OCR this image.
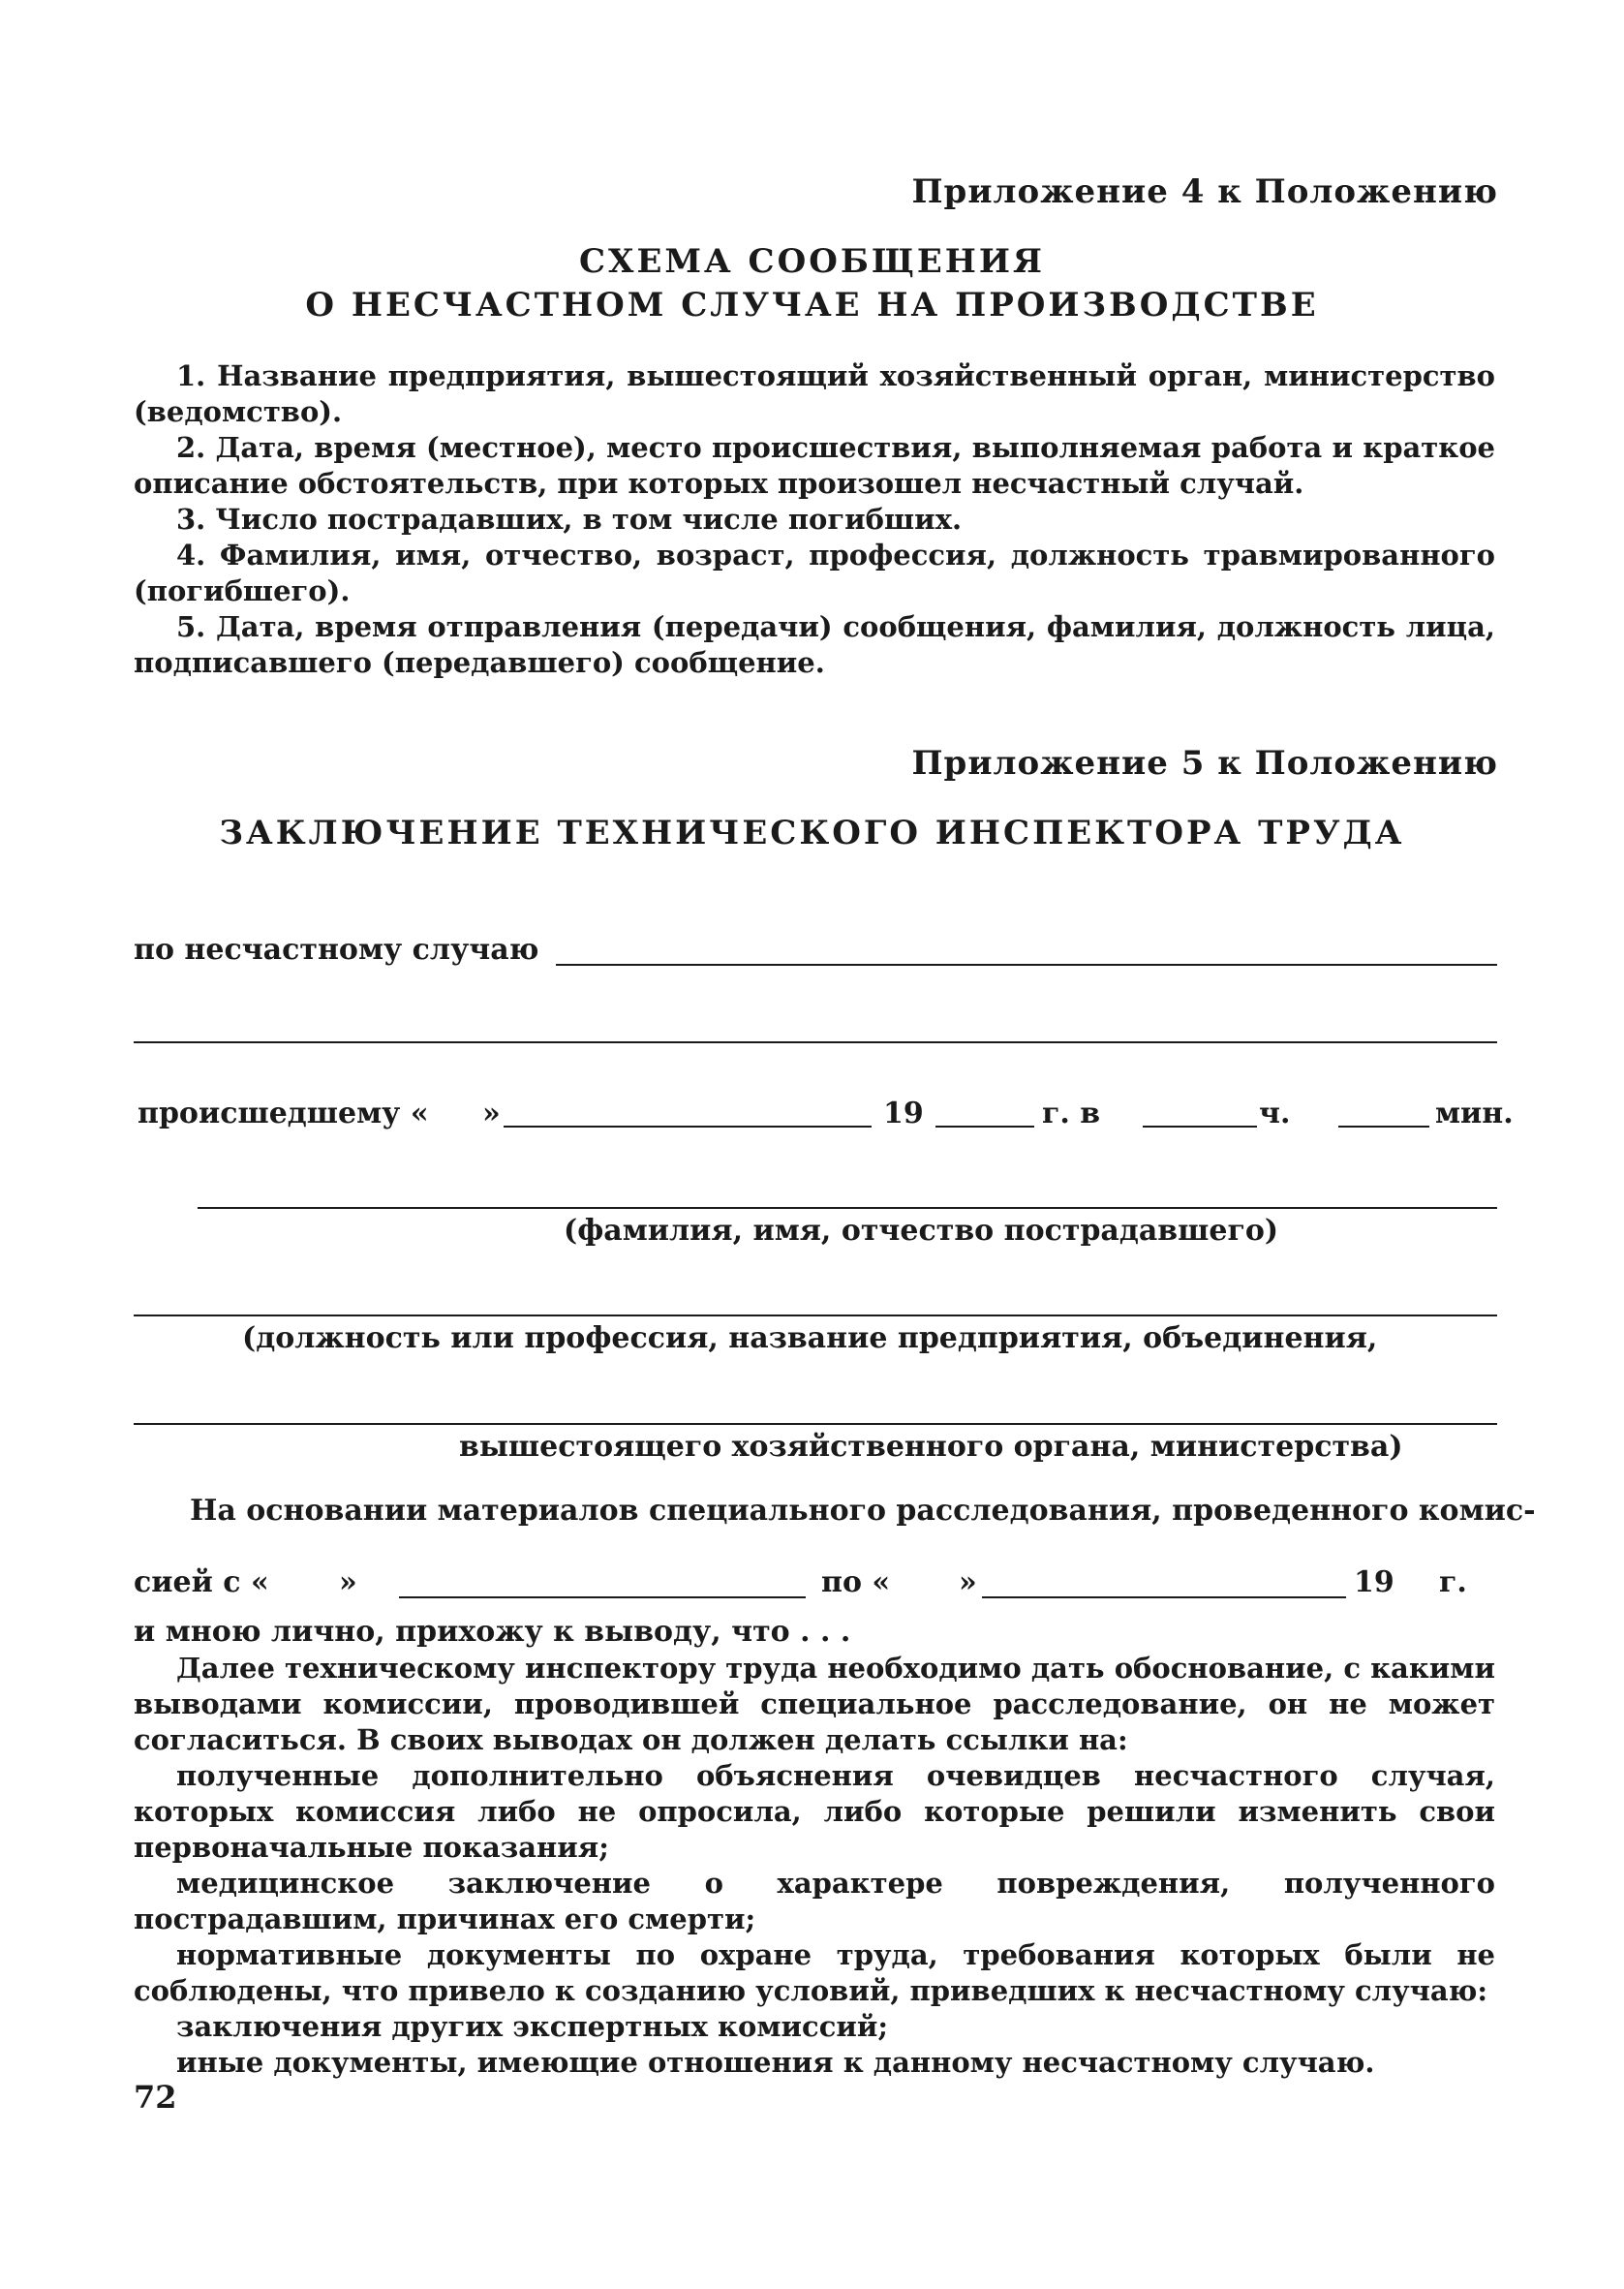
Приложение 4 к Положению
СХЕМА СООБЩЕНИЯ
О НЕСЧАСТНОМ СЛУЧАЕ НА ПРОИЗВОДСТВЕ
1. Название предприятия, вышестоящий хозяйственный орган, министерство (ведомство).
2. Дата, время (местное), место происшествия, выполняемая работа и краткое описание обстоятельств, при которых произошел несчастный случай.
3. Число пострадавших, в том числе погибших.
4. Фамилия, имя, отчество, возраст, профессия, должность травмированного (погибшего).
5. Дата, время отправления (передачи) сообщения, фамилия, должность лица, подписавшего (передавшего) сообщение.
Приложение 5 к Положению
ЗАКЛЮЧЕНИЕ ТЕХНИЧЕСКОГО ИНСПЕКТОРА ТРУДА
по несчастному случаю
происшедшему « »	19	г. в	ч.	мин.
(фамилия, имя, отчество пострадавшего)
(должность или профессия, название предприятия, объединения,
вышестоящего хозяйственного органа, министерства)
На основании материалов специального расследования, проведенного комис-
сией с « »	по « »	19 г.
и мною лично, прихожу к выводу, что . . .
Далее техническому инспектору труда необходимо дать обоснование, с какими выводами комиссии, проводившей специальное расследование, он не может согласиться. В своих выводах он должен делать ссылки на:
полученные дополнительно объяснения очевидцев несчастного случая, которых комиссия либо не опросила, либо которые решили изменить свои первоначальные показания;
медицинское заключение о характере повреждения, полученного пострадавшим, причинах его смерти;
нормативные документы по охране труда, требования которых были не соблюдены, что привело к созданию условий, приведших к несчастному случаю:
заключения других экспертных комиссий;
иные документы, имеющие отношения к данному несчастному случаю.
72
